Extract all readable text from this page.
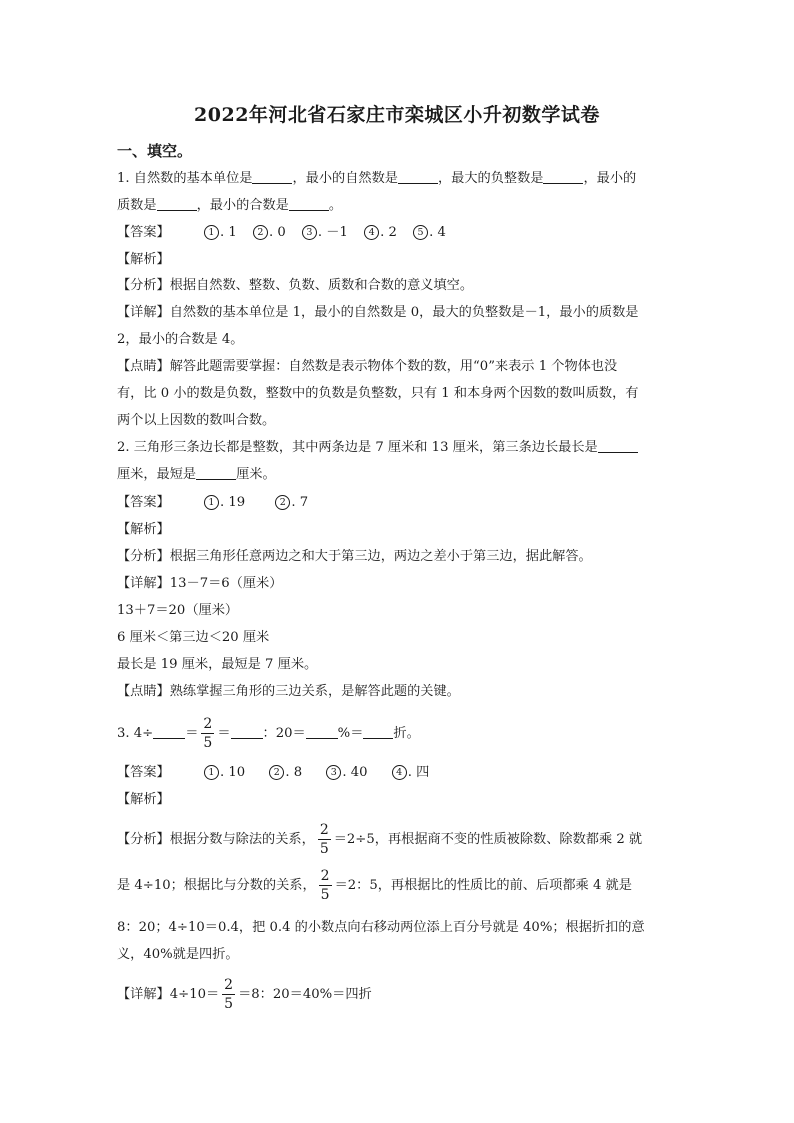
2022年河北省石家庄市栾城区小升初数学试卷
一、填空。
1. 自然数的基本单位是	，最小的自然数是	，最大的负整数是	，最小的
质数是	，最小的合数是	。
【答案】	1 . 1 2 . 0 3 . －1 4 . 2 5 . 4
【解析】
【分析】根据自然数、整数、负数、质数和合数的意义填空。
【详解】自然数的基本单位是 1，最小的自然数是 0，最大的负整数是－1，最小的质数是
2，最小的合数是 4。
【点睛】解答此题需要掌握：自然数是表示物体个数的数，用“0”来表示 1 个物体也没
有，比 0 小的数是负数，整数中的负数是负整数，只有 1 和本身两个因数的数叫质数，有
两个以上因数的数叫合数。
2. 三角形三条边长都是整数，其中两条边是 7 厘米和 13 厘米，第三条边长最长是
厘米，最短是	厘米。
【答案】	1 . 19	2 . 7
【解析】
【分析】根据三角形任意两边之和大于第三边，两边之差小于第三边，据此解答。
【详解】13－7＝6（厘米）
13＋7＝20（厘米）
6 厘米＜第三边＜20 厘米
最长是 19 厘米，最短是 7 厘米。
【点睛】熟练掌握三角形的三边关系，是解答此题的关键。
3. $4\div = \frac{2}{5}$ ＝ ：20＝ %＝ 折。
【答案】	1 . 10	2 . 8	3 . 40	4 . 四
【解析】
【分析】根据分数与除法的关系， $\frac{2}{5} =2\div 5$，再根据商不变的性质被除数、除数都乘 2 就
是 4÷10；根据比与分数的关系， $\frac{2}{5} =2$：5，再根据比的性质比的前、后项都乘 4 就是
8：20；4÷10＝0.4，把 0.4 的小数点向右移动两位添上百分号就是 40%；根据折扣的意
义，40%就是四折。
【详解】$4\div 10= \frac{2}{5} =8$：20＝40%＝四折
